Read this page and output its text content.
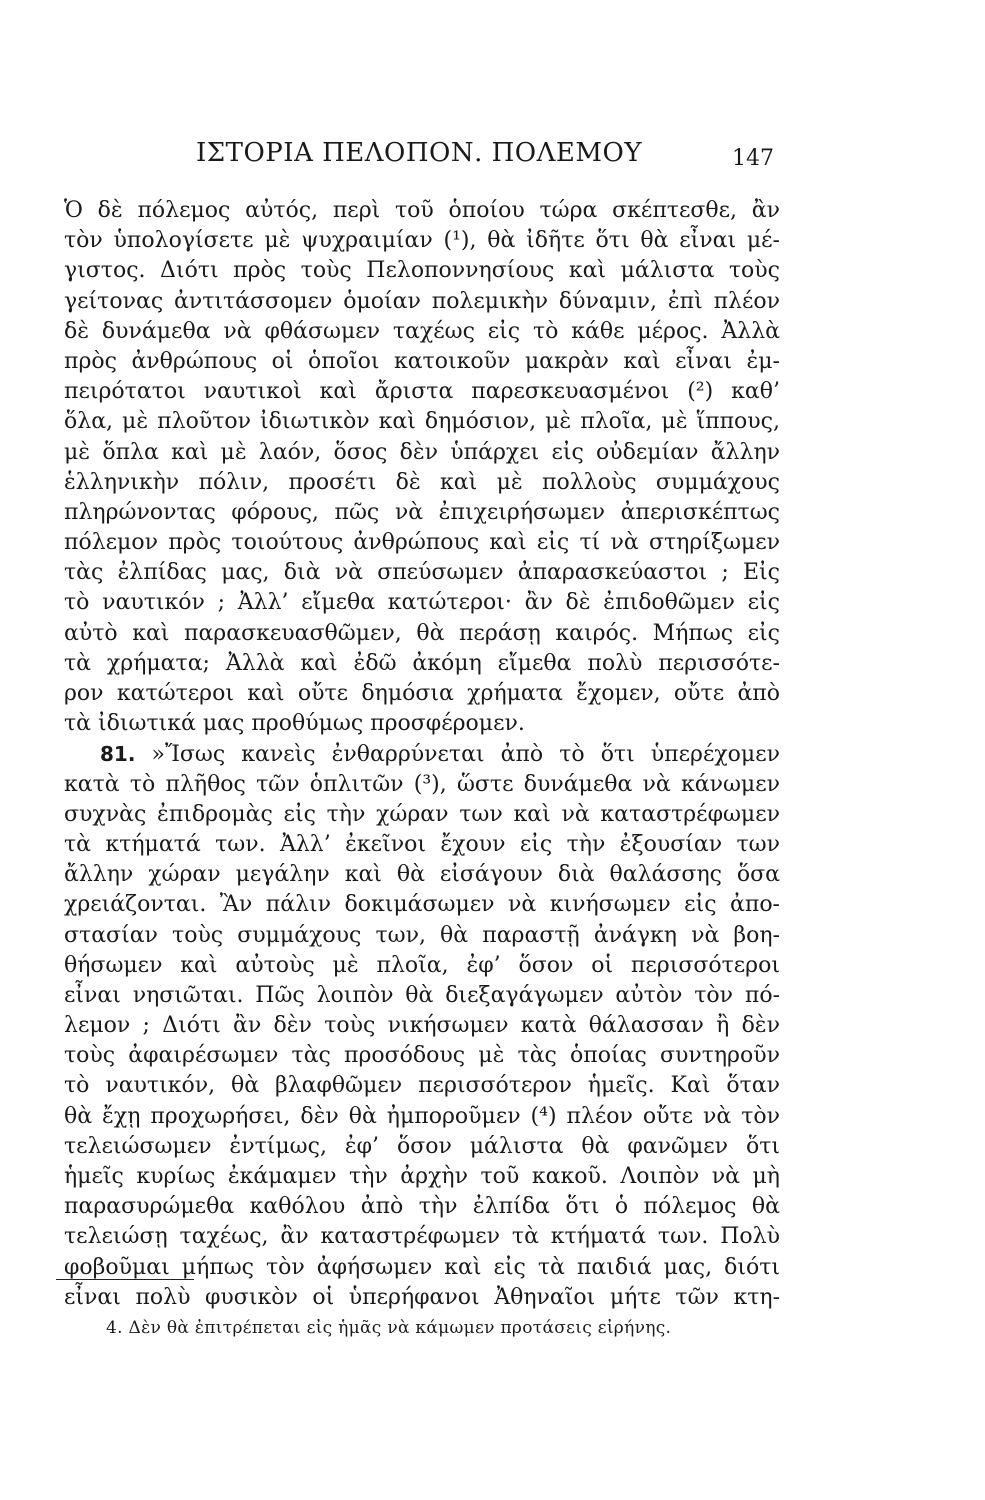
ΙΣΤΟΡΙΑ ΠΕΛΟΠΟΝ. ΠΟΛΕΜΟΥ	147
Ὁ δὲ πόλεμος αὐτός, περὶ τοῦ ὁποίου τώρα σκέπτεσθε, ἂν
τὸν ὑπολογίσετε μὲ ψυχραιμίαν (¹), θὰ ἰδῆτε ὅτι θὰ εἶναι μέ-
γιστος. Διότι πρὸς τοὺς Πελοποννησίους καὶ μάλιστα τοὺς
γείτονας ἀντιτάσσομεν ὁμοίαν πολεμικὴν δύναμιν, ἐπὶ πλέον
δὲ δυνάμεθα νὰ φθάσωμεν ταχέως εἰς τὸ κάθε μέρος. Ἀλλὰ
πρὸς ἀνθρώπους οἱ ὁποῖοι κατοικοῦν μακρὰν καὶ εἶναι ἐμ-
πειρότατοι ναυτικοὶ καὶ ἄριστα παρεσκευασμένοι (²) καθ’
ὅλα, μὲ πλοῦτον ἰδιωτικὸν καὶ δημόσιον, μὲ πλοῖα, μὲ ἵππους,
μὲ ὅπλα καὶ μὲ λαόν, ὅσος δὲν ὑπάρχει εἰς οὐδεμίαν ἄλλην
ἑλληνικὴν πόλιν, προσέτι δὲ καὶ μὲ πολλοὺς συμμάχους
πληρώνοντας φόρους, πῶς νὰ ἐπιχειρήσωμεν ἀπερισκέπτως
πόλεμον πρὸς τοιούτους ἀνθρώπους καὶ εἰς τί νὰ στηρίξωμεν
τὰς ἐλπίδας μας, διὰ νὰ σπεύσωμεν ἀπαρασκεύαστοι ; Εἰς
τὸ ναυτικόν ; Ἀλλ’ εἴμεθα κατώτεροι· ἂν δὲ ἐπιδοθῶμεν εἰς
αὐτὸ καὶ παρασκευασθῶμεν, θὰ περάσῃ καιρός. Μήπως εἰς
τὰ χρήματα; Ἀλλὰ καὶ ἐδῶ ἀκόμη εἴμεθα πολὺ περισσότε-
ρον κατώτεροι καὶ οὔτε δημόσια χρήματα ἔχομεν, οὔτε ἀπὸ
τὰ ἰδιωτικά μας προθύμως προσφέρομεν.
81. »Ἴσως κανεὶς ἐνθαρρύνεται ἀπὸ τὸ ὅτι ὑπερέχομεν
κατὰ τὸ πλῆθος τῶν ὁπλιτῶν (³), ὥστε δυνάμεθα νὰ κάνωμεν
συχνὰς ἐπιδρομὰς εἰς τὴν χώραν των καὶ νὰ καταστρέφωμεν
τὰ κτήματά των. Ἀλλ’ ἐκεῖνοι ἔχουν εἰς τὴν ἐξουσίαν των
ἄλλην χώραν μεγάλην καὶ θὰ εἰσάγουν διὰ θαλάσσης ὅσα
χρειάζονται. Ἂν πάλιν δοκιμάσωμεν νὰ κινήσωμεν εἰς ἀπο-
στασίαν τοὺς συμμάχους των, θὰ παραστῇ ἀνάγκη νὰ βοη-
θήσωμεν καὶ αὐτοὺς μὲ πλοῖα, ἐφ’ ὅσον οἱ περισσότεροι
εἶναι νησιῶται. Πῶς λοιπὸν θὰ διεξαγάγωμεν αὐτὸν τὸν πό-
λεμον ; Διότι ἂν δὲν τοὺς νικήσωμεν κατὰ θάλασσαν ἢ δὲν
τοὺς ἀφαιρέσωμεν τὰς προσόδους μὲ τὰς ὁποίας συντηροῦν
τὸ ναυτικόν, θὰ βλαφθῶμεν περισσότερον ἡμεῖς. Καὶ ὅταν
θὰ ἔχῃ προχωρήσει, δὲν θὰ ἠμποροῦμεν (⁴) πλέον οὔτε νὰ τὸν
τελειώσωμεν ἐντίμως, ἐφ’ ὅσον μάλιστα θὰ φανῶμεν ὅτι
ἡμεῖς κυρίως ἐκάμαμεν τὴν ἀρχὴν τοῦ κακοῦ. Λοιπὸν νὰ μὴ
παρασυρώμεθα καθόλου ἀπὸ τὴν ἐλπίδα ὅτι ὁ πόλεμος θὰ
τελειώσῃ ταχέως, ἂν καταστρέφωμεν τὰ κτήματά των. Πολὺ
φοβοῦμαι μήπως τὸν ἀφήσωμεν καὶ εἰς τὰ παιδιά μας, διότι
εἶναι πολὺ φυσικὸν οἱ ὑπερήφανοι Ἀθηναῖοι μήτε τῶν κτη-
4. Δὲν θὰ ἐπιτρέπεται εἰς ἡμᾶς νὰ κάμωμεν προτάσεις εἰρήνης.
